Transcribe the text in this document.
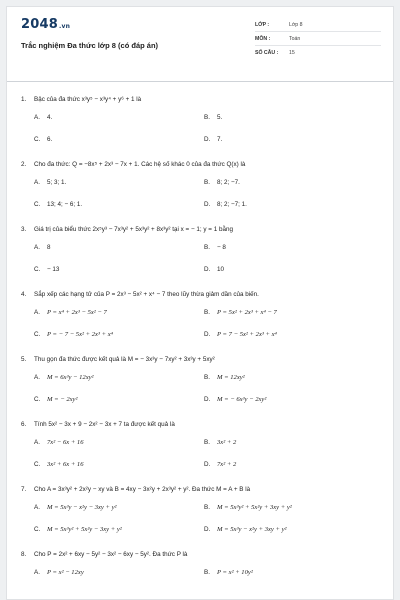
2048.vn
Trắc nghiệm Đa thức lớp 8 (có đáp án)
LỚP :	Lớp 8
MÔN :	Toán
SỐ CÂU :	15
1.	Bậc của đa thức x³y⁵ − x³y⁴ + y⁶ + 1 là
A.	4.	B.	5.
C.	6.	D.	7.
2.	Cho đa thức: Q = −8x⁵ + 2x³ − 7x + 1. Các hệ số khác 0 của đa thức Q(x) là
A.	5; 3; 1.	B.	8; 2; −7.
C.	13; 4; − 6; 1.	D.	8; 2; −7; 1.
3.	Giá trị của biểu thức 2x⁵y³ − 7x³y² + 5x³y² + 8x³y² tại x = − 1; y = 1 bằng
A.	8	B.	− 8
C.	− 13	D.	10
4.	Sắp xếp các hạng tử của P = 2x³ − 5x² + x⁴ − 7 theo lũy thừa giảm dần của biến.
A.	P = x⁴ + 2x³ − 5x² − 7	B.	P = 5x² + 2x³ + x⁴ − 7
C.	P = − 7 − 5x² + 2x³ + x⁴	D.	P = 7 − 5x² + 2x³ + x⁴
5.	Thu gọn đa thức được kết quả là M = − 3x³y − 7xy² + 3x³y + 5xy²
A.	M = 6x³y − 12xy²	B.	M = 12xy²
C.	M = − 2xy²	D.	M = − 6x³y − 2xy²
6.	Tính 5x² − 3x + 9 − 2x² − 3x + 7 ta được kết quả là
A.	7x² − 6x + 16	B.	3x² + 2
C.	3x² + 6x + 16	D.	7x² + 2
7.	Cho A = 3x³y² + 2x²y − xy và B = 4xy − 3x²y + 2x³y² + y². Đa thức M = A + B là
A.	M = 5x³y − x²y − 3xy + y²	B.	M = 5x³y² + 5x²y + 3xy + y²
C.	M = 5x³y² + 5x²y − 3xy + y²	D.	M = 5x³y − x²y + 3xy + y²
8.	Cho P = 2x² + 6xy − 5y² − 3x² − 6xy − 5y². Đa thức P là
A.	P = x² − 12xy	B.	P = x² + 10y²
